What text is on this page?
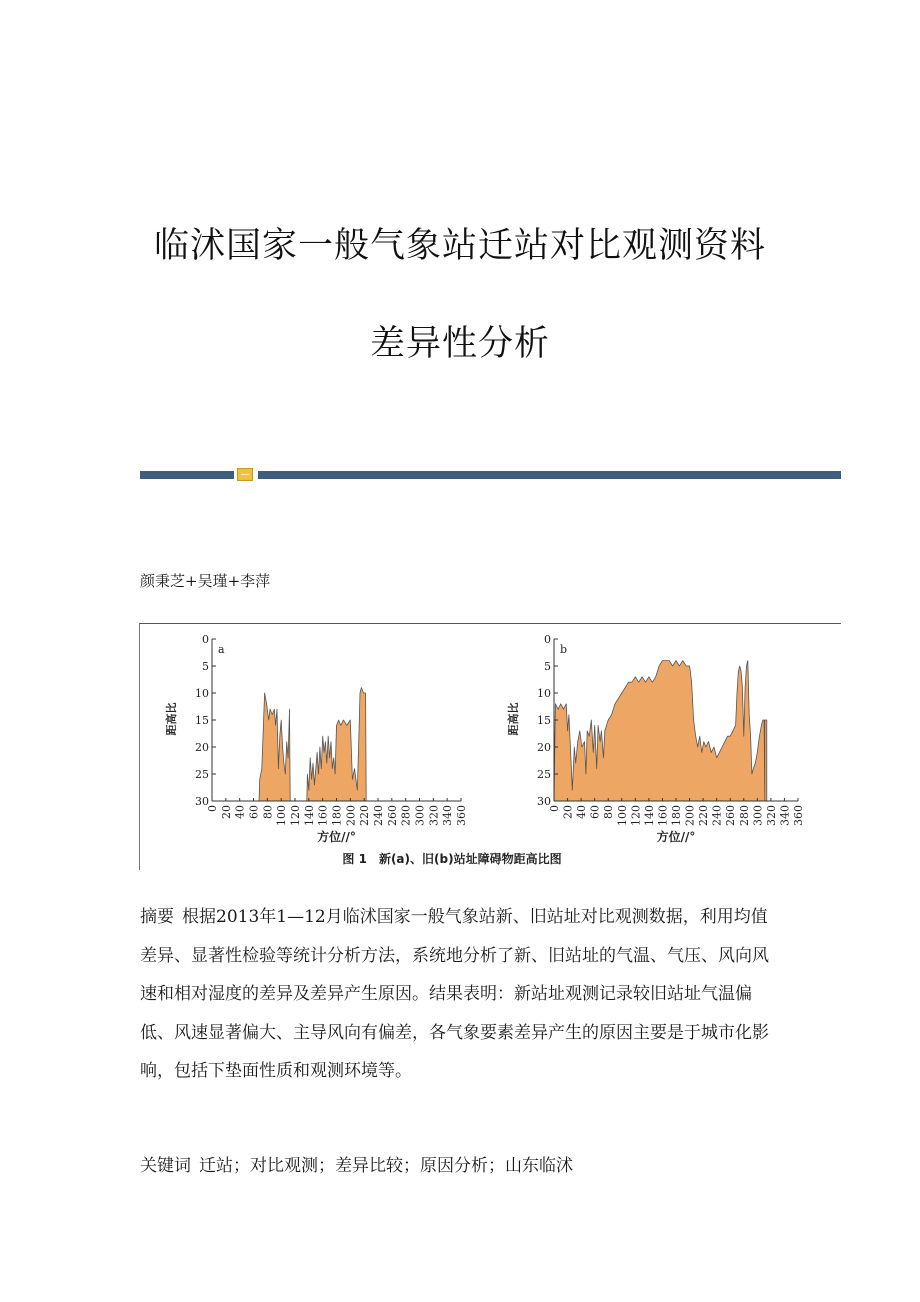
临沭国家一般气象站迁站对比观测资料
差异性分析
颜秉芝+吴瑾+李萍
0
5
10
15
20
25
30
0 20 40 60 80 100 120 140 160 180 200 220 240 260 280 300 320 340 360
a
距高比
方位//°
0
5
10
15
20
25
30
0 20 40 60 80 100 120 140 160 180 200 220 240 260 280 300 320 340 360
b
距高比
方位//°
图 1　新(a)、旧(b)站址障碍物距高比图
摘要 根据2013年1—12月临沭国家一般气象站新、旧站址对比观测数据，利用均值差异、显著性检验等统计分析方法，系统地分析了新、旧站址的气温、气压、风向风速和相对湿度的差异及差异产生原因。结果表明：新站址观测记录较旧站址气温偏低、风速显著偏大、主导风向有偏差，各气象要素差异产生的原因主要是于城市化影响，包括下垫面性质和观测环境等。
关键词 迁站；对比观测；差异比较；原因分析；山东临沭
